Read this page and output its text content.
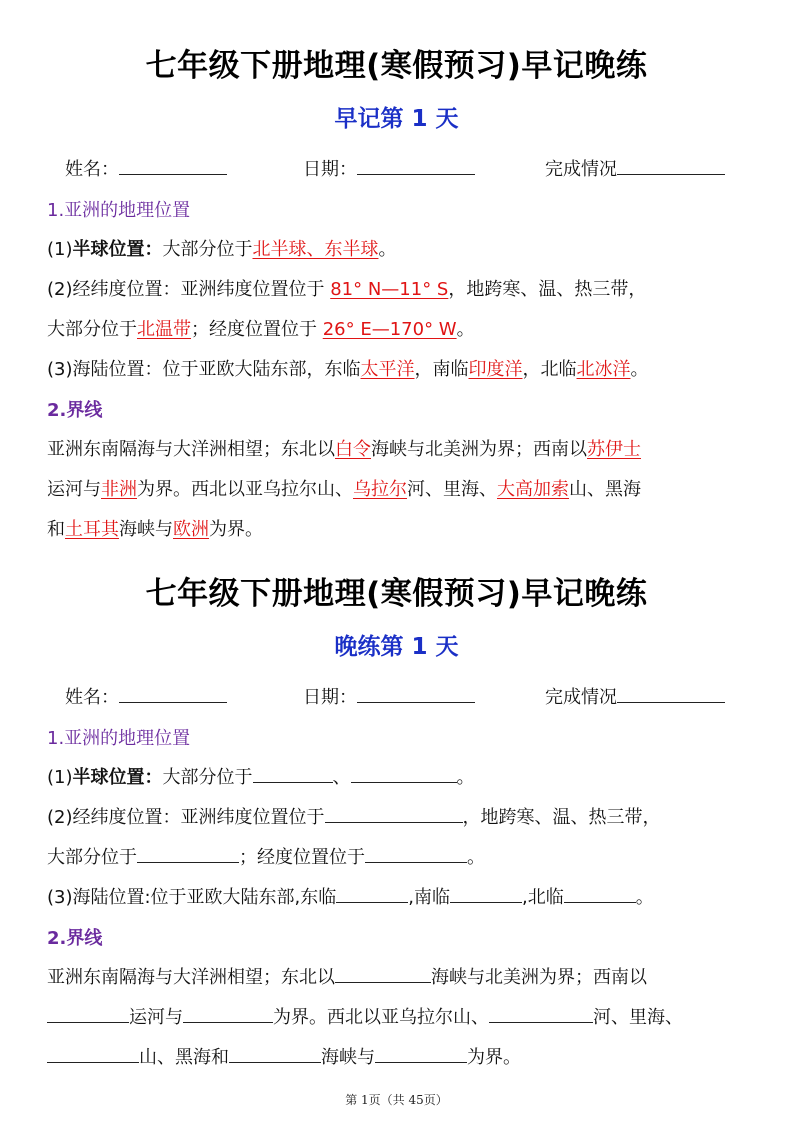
七年级下册地理(寒假预习)早记晚练
早记第 1 天
姓名：	日期：	完成情况
1.亚洲的地理位置
(1)半球位置：大部分位于北半球、东半球。
(2)经纬度位置：亚洲纬度位置位于 81° N—11° S，地跨寒、温、热三带，
大部分位于北温带；经度位置位于 26° E—170° W。
(3)海陆位置：位于亚欧大陆东部，东临太平洋，南临印度洋，北临北冰洋。
2.界线
亚洲东南隔海与大洋洲相望；东北以白令海峡与北美洲为界；西南以苏伊士
运河与非洲为界。西北以亚乌拉尔山、乌拉尔河、里海、大高加索山、黑海
和土耳其海峡与欧洲为界。
七年级下册地理(寒假预习)早记晚练
晚练第 1 天
姓名：	日期：	完成情况
1.亚洲的地理位置
(1)半球位置：大部分位于	、	。
(2)经纬度位置：亚洲纬度位置位于	，地跨寒、温、热三带，
大部分位于	；经度位置位于	。
(3)海陆位置:位于亚欧大陆东部,东临	,南临	,北临	。
2.界线
亚洲东南隔海与大洋洲相望；东北以	海峡与北美洲为界；西南以
运河与	为界。西北以亚乌拉尔山、	河、里海、
山、黑海和	海峡与	为界。
第 1页（共 45页）
